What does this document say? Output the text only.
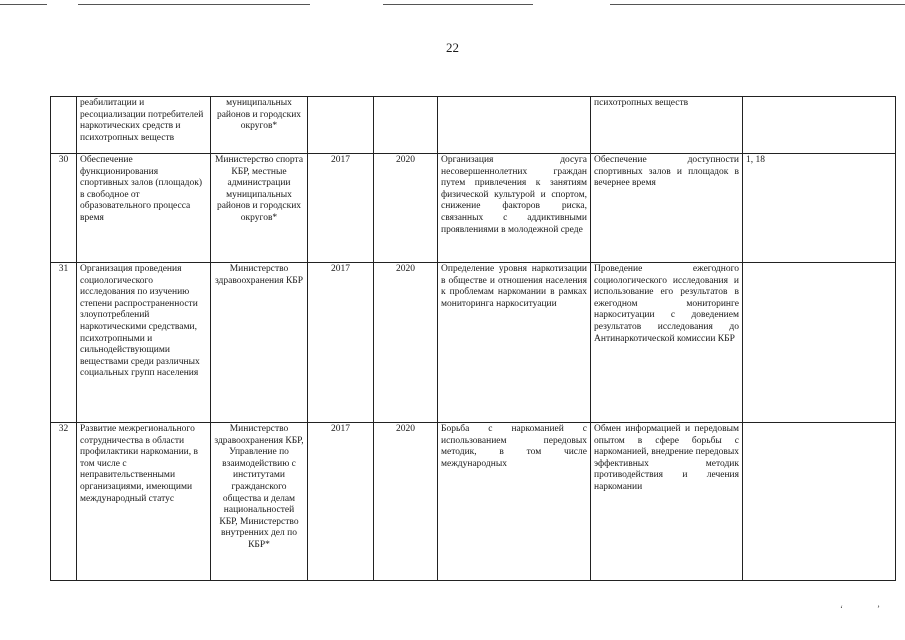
22
	реабилитации и ресоциализации потребителей наркотических средств и психотропных веществ	муниципальных районов и городских округов*				психотропных веществ	
30	Обеспечение функционирования спортивных залов (площадок) в свободное от образовательного процесса время	Министерство спорта КБР, местные администрации муниципальных районов и городских округов*	2017	2020	Организация досуга несовершеннолетних граждан путем привлечения к занятиям физической культурой и спортом, снижение факторов риска, связанных с аддиктивными проявлениями в молодежной среде	Обеспечение доступности спортивных залов и площадок в вечернее время	1, 18
31	Организация проведения социологического исследования по изучению степени распространенности злоупотреблений наркотическими средствами, психотропными и сильнодействующими веществами среди различных социальных групп населения	Министерство здравоохранения КБР	2017	2020	Определение уровня наркотизации в обществе и отношения населения к проблемам наркомании в рамках мониторинга наркоситуации	Проведение ежегодного социологического исследования и использование его результатов в ежегодном мониторинге наркоситуации с доведением результатов исследования до Антинаркотической комиссии КБР	
32	Развитие межрегионального сотрудничества в области профилактики наркомании, в том числе с неправительственными организациями, имеющими международный статус	Министерство здравоохранения КБР, Управление по взаимодействию с институтами гражданского общества и делам национальностей КБР, Министерство внутренних дел по КБР*	2017	2020	Борьба с наркоманией с использованием передовых методик, в том числе международных	Обмен информацией и передовым опытом в сфере борьбы с наркоманией, внедрение передовых эффективных методик противодействия и лечения наркомании	
ʻ	ʼ
